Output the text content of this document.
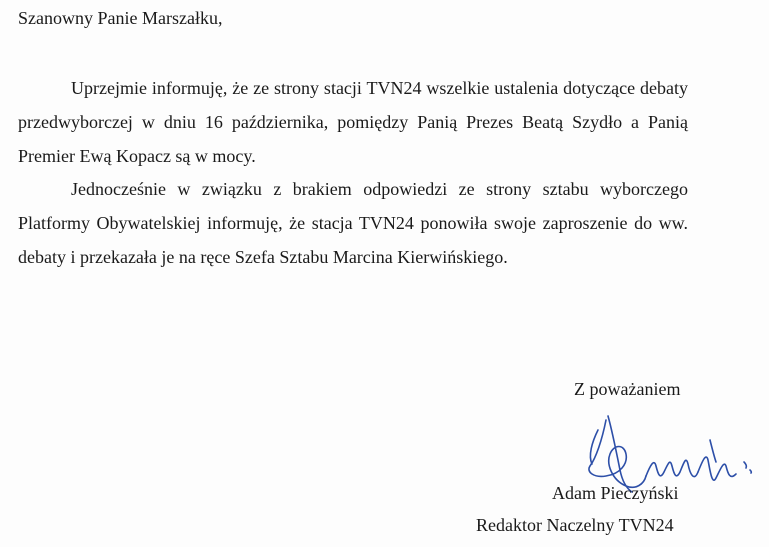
Szanowny Panie Marszałku,

Uprzejmie informuję, że ze strony stacji TVN24 wszelkie ustalenia dotyczące debaty przedwyborczej w dniu 16 października, pomiędzy Panią Prezes Beatą Szydło a Panią Premier Ewą Kopacz są w mocy.

Jednocześnie w związku z brakiem odpowiedzi ze strony sztabu wyborczego Platformy Obywatelskiej informuję, że stacja TVN24 ponowiła swoje zaproszenie do ww. debaty i przekazała je na ręce Szefa Sztabu Marcina Kierwińskiego.

Z poważaniem
Adam Pieczyński
Redaktor Naczelny TVN24
